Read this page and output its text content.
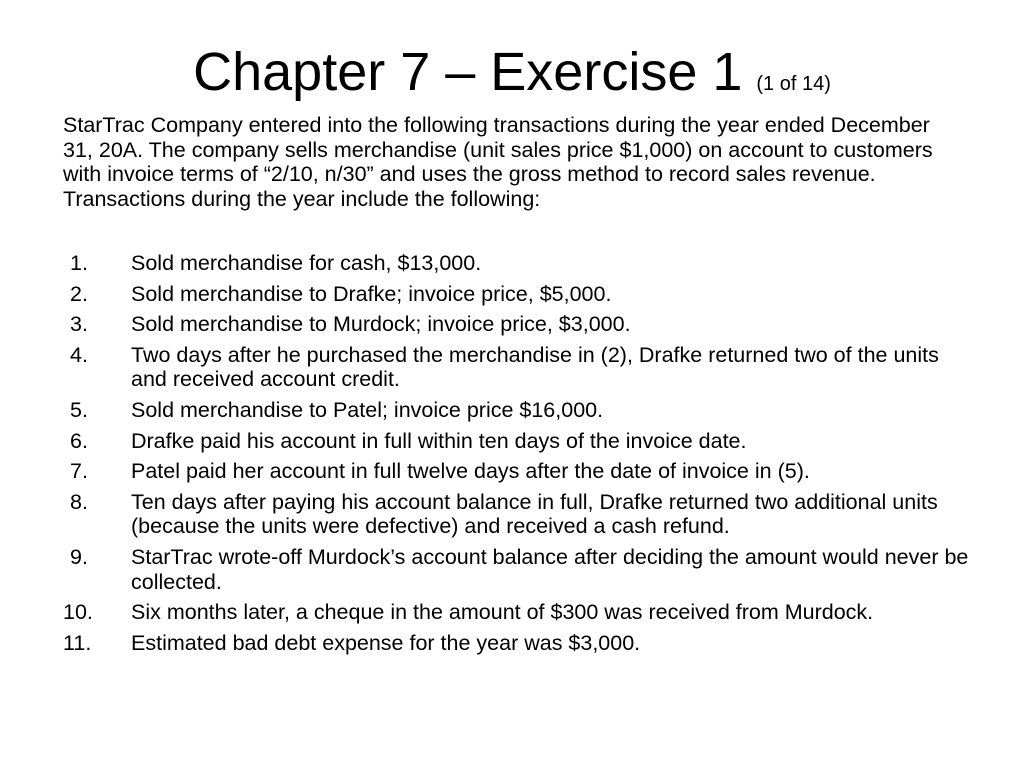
Chapter 7 – Exercise 1 (1 of 14)
StarTrac Company entered into the following transactions during the year ended December 31, 20A. The company sells merchandise (unit sales price $1,000) on account to customers with invoice terms of “2/10, n/30” and uses the gross method to record sales revenue. Transactions during the year include the following:
1. Sold merchandise for cash, $13,000.
2. Sold merchandise to Drafke; invoice price, $5,000.
3. Sold merchandise to Murdock; invoice price, $3,000.
4. Two days after he purchased the merchandise in (2), Drafke returned two of the units and received account credit.
5. Sold merchandise to Patel; invoice price $16,000.
6. Drafke paid his account in full within ten days of the invoice date.
7. Patel paid her account in full twelve days after the date of invoice in (5).
8. Ten days after paying his account balance in full, Drafke returned two additional units (because the units were defective) and received a cash refund.
9. StarTrac wrote-off Murdock’s account balance after deciding the amount would never be collected.
10. Six months later, a cheque in the amount of $300 was received from Murdock.
11. Estimated bad debt expense for the year was $3,000.
